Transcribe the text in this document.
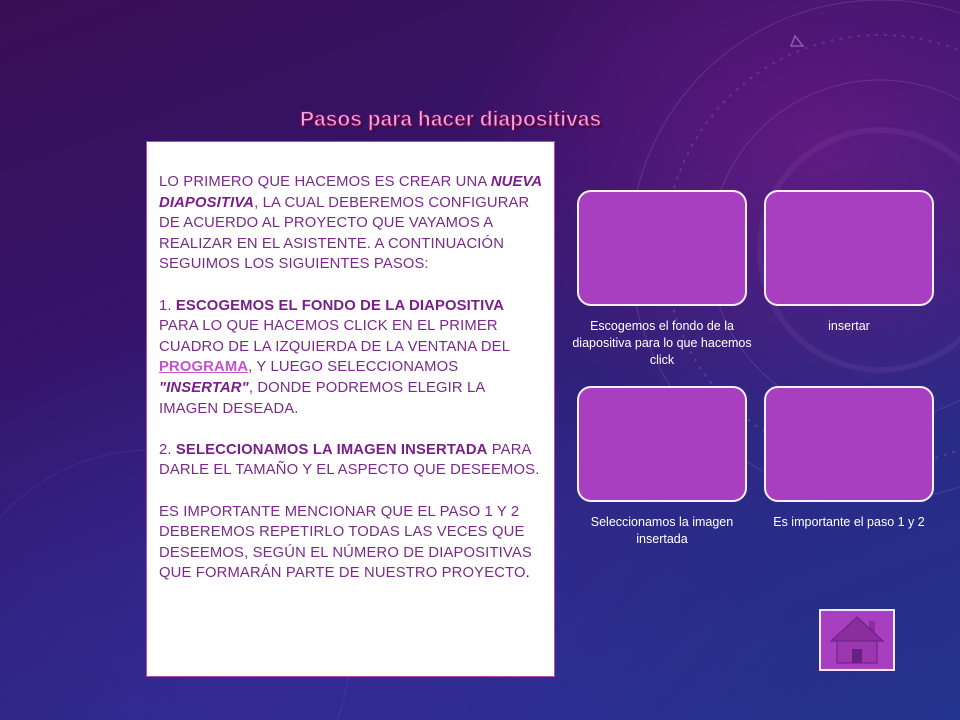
Pasos para hacer diapositivas

LO PRIMERO QUE HACEMOS ES CREAR UNA NUEVA DIAPOSITIVA, LA CUAL DEBEREMOS CONFIGURAR DE ACUERDO AL PROYECTO QUE VAYAMOS A REALIZAR EN EL ASISTENTE. A CONTINUACIÓN SEGUIMOS LOS SIGUIENTES PASOS:

1. ESCOGEMOS EL FONDO DE LA DIAPOSITIVA PARA LO QUE HACEMOS CLICK EN EL PRIMER CUADRO DE LA IZQUIERDA DE LA VENTANA DEL PROGRAMA, Y LUEGO SELECCIONAMOS "INSERTAR", DONDE PODREMOS ELEGIR LA IMAGEN DESEADA.

2. SELECCIONAMOS LA IMAGEN INSERTADA PARA DARLE EL TAMAÑO Y EL ASPECTO QUE DESEEMOS.

ES IMPORTANTE MENCIONAR QUE EL PASO 1 Y 2 DEBEREMOS REPETIRLO TODAS LAS VECES QUE DESEEMOS, SEGÚN EL NÚMERO DE DIAPOSITIVAS QUE FORMARÁN PARTE DE NUESTRO PROYECTO.

Escogemos el fondo de la diapositiva para lo que hacemos click
insertar
Seleccionamos la imagen insertada
Es importante el paso 1 y 2
